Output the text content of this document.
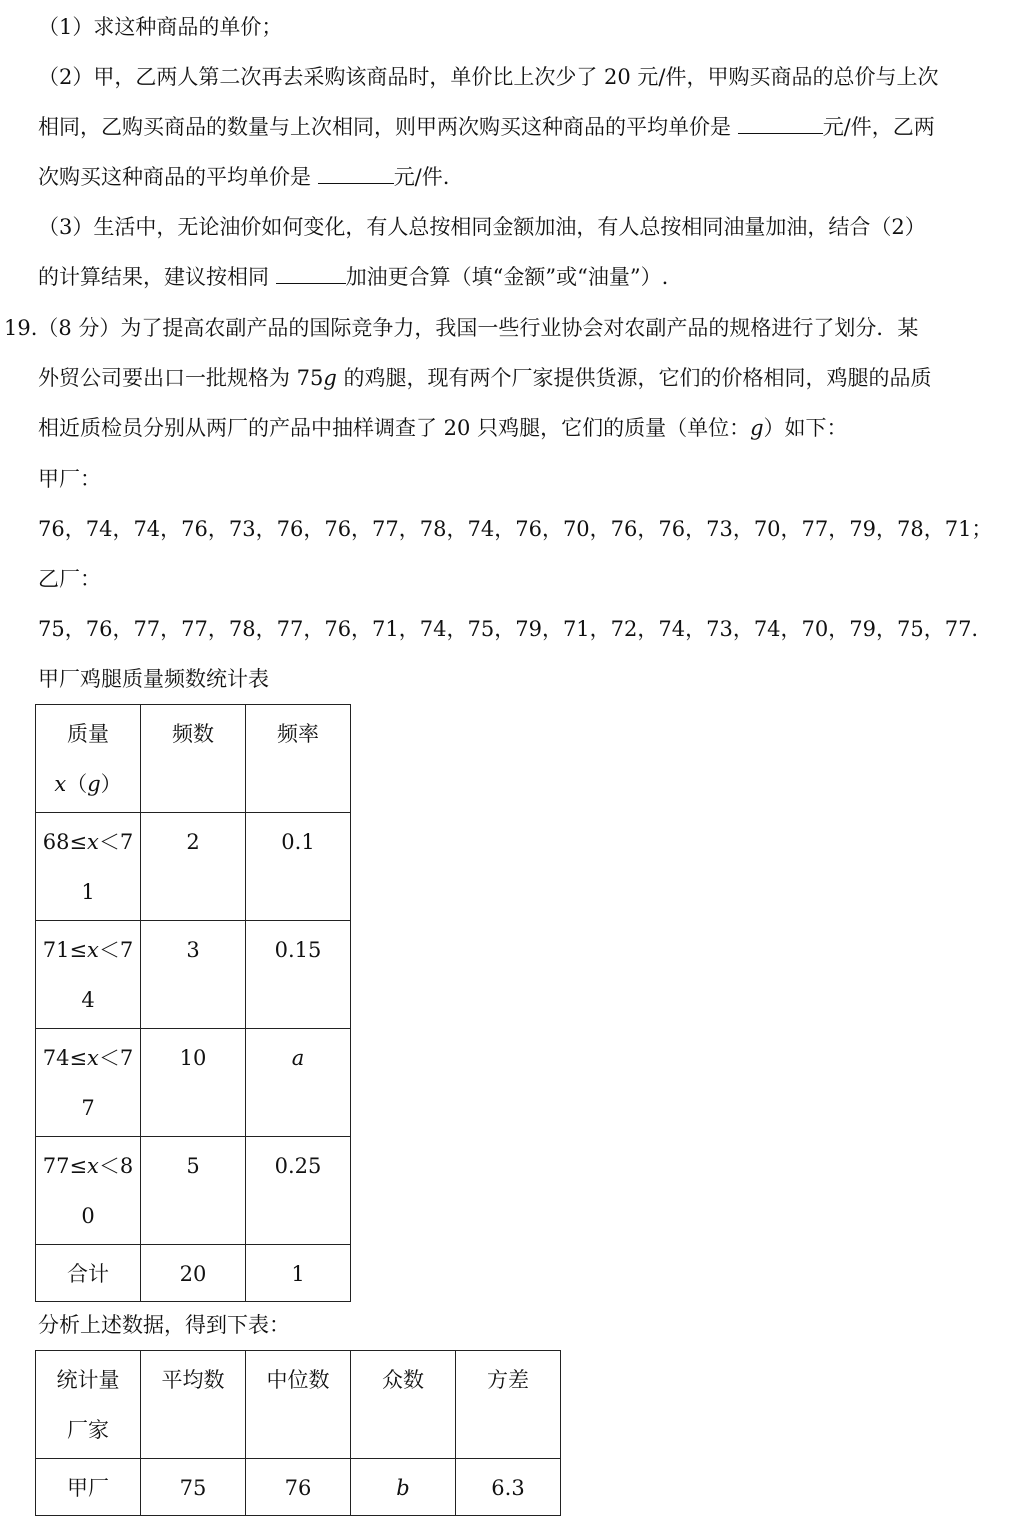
（1）求这种商品的单价；
（2）甲，乙两人第二次再去采购该商品时，单价比上次少了 20 元/件，甲购买商品的总价与上次
相同，乙购买商品的数量与上次相同，则甲两次购买这种商品的平均单价是	元/件，乙两
次购买这种商品的平均单价是	元/件.
（3）生活中，无论油价如何变化，有人总按相同金额加油，有人总按相同油量加油，结合（2）
的计算结果，建议按相同	加油更合算（填“金额”或“油量”）.
19.（8 分）为了提高农副产品的国际竞争力，我国一些行业协会对农副产品的规格进行了划分．某
外贸公司要出口一批规格为 75g 的鸡腿，现有两个厂家提供货源，它们的价格相同，鸡腿的品质
相近质检员分别从两厂的产品中抽样调查了 20 只鸡腿，它们的质量（单位：g）如下：
甲厂：
76，74，74，76，73，76，76，77，78，74，76，70，76，76，73，70，77，79，78，71；
乙厂：
75，76，77，77，78，77，76，71，74，75，79，71，72，74，73，74，70，79，75，77.
甲厂鸡腿质量频数统计表
质量
x（g）	频数	频率

68≤x＜7
1	2	0.1

71≤x＜7
4	3	0.15

74≤x＜7
7	10	a

77≤x＜8
0	5	0.25

合计	20	1
分析上述数据，得到下表：
统计量
厂家	平均数	中位数	众数	方差

甲厂	75	76	b	6.3
